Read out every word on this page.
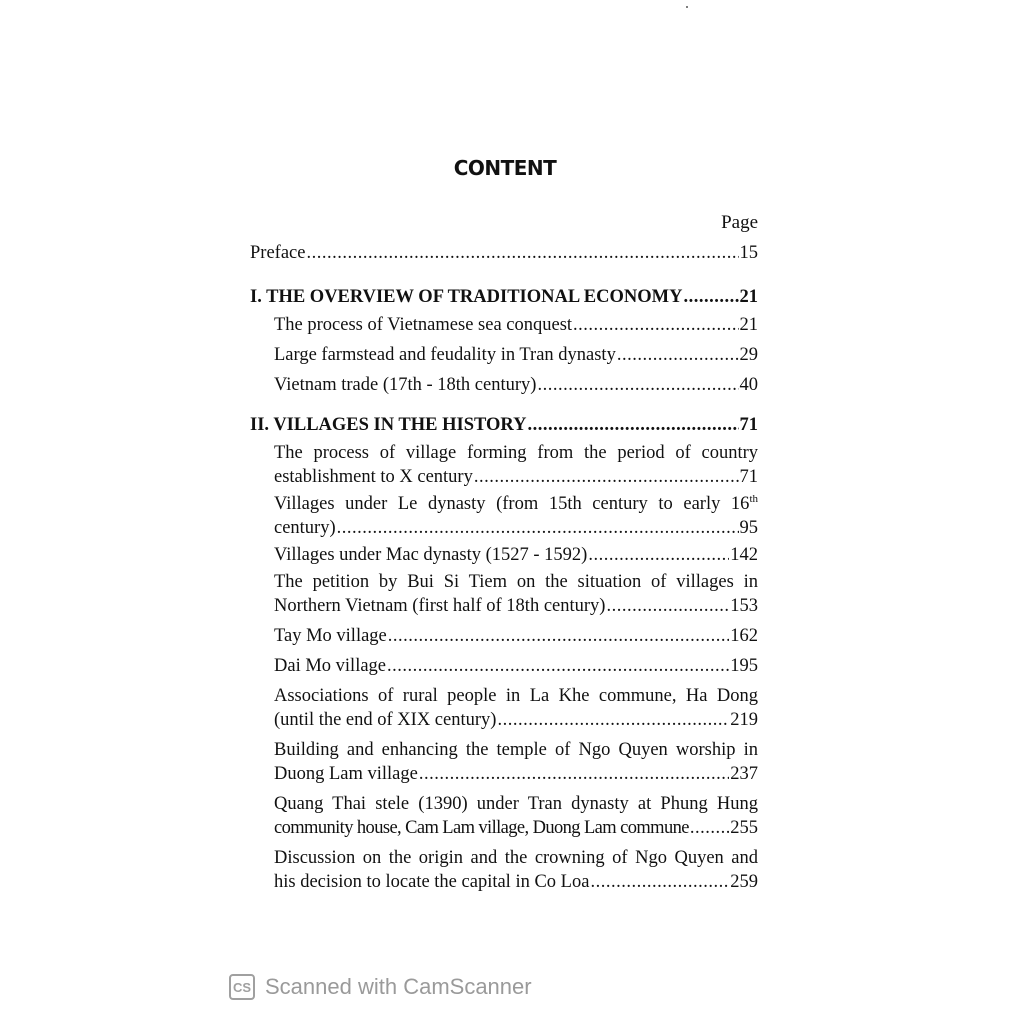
CONTENT
Page
Preface .....	15
I. THE OVERVIEW OF TRADITIONAL ECONOMY .....	21
The process of Vietnamese sea conquest .....	21
Large farmstead and feudality in Tran dynasty .....	29
Vietnam trade (17th - 18th century) .....	40
II. VILLAGES IN THE HISTORY .....	71
The process of village forming from the period of country
establishment to X century .....	71
Villages under Le dynasty (from 15th century to early 16th
century) .....	95
Villages under Mac dynasty (1527 - 1592) .....	142
The petition by Bui Si Tiem on the situation of villages in
Northern Vietnam (first half of 18th century) .....	153
Tay Mo village .....	162
Dai Mo village .....	195
Associations of rural people in La Khe commune, Ha Dong
(until the end of XIX century) .....	219
Building and enhancing the temple of Ngo Quyen worship in
Duong Lam village .....	237
Quang Thai stele (1390) under Tran dynasty at Phung Hung
community house, Cam Lam village, Duong Lam commune ..... 255
Discussion on the origin and the crowning of Ngo Quyen and
his decision to locate the capital in Co Loa .....	259
CS Scanned with CamScanner
